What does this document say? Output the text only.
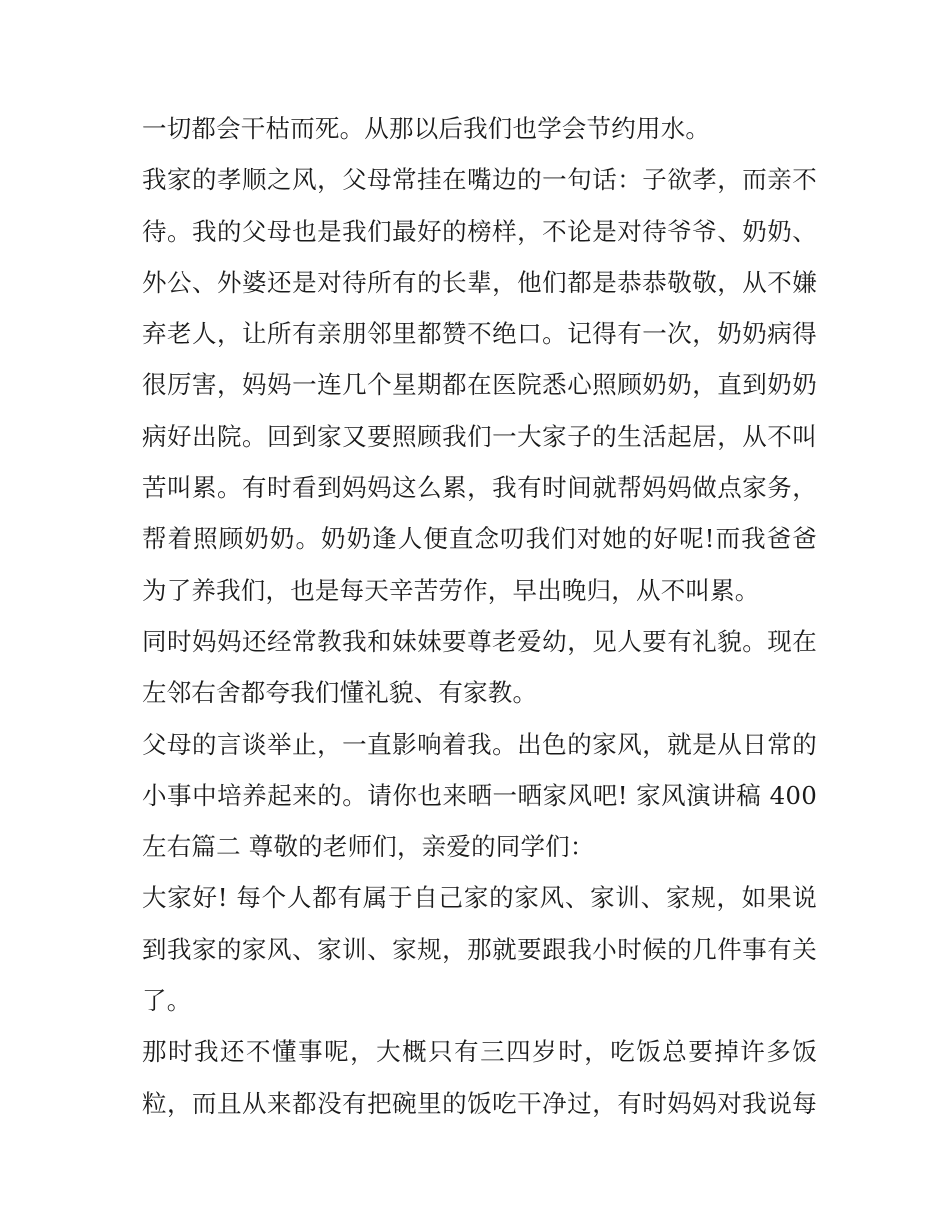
一切都会干枯而死。从那以后我们也学会节约用水。
我家的孝顺之风，父母常挂在嘴边的一句话：子欲孝，而亲不
待。我的父母也是我们最好的榜样，不论是对待爷爷、奶奶、
外公、外婆还是对待所有的长辈，他们都是恭恭敬敬，从不嫌
弃老人，让所有亲朋邻里都赞不绝口。记得有一次，奶奶病得
很厉害，妈妈一连几个星期都在医院悉心照顾奶奶，直到奶奶
病好出院。回到家又要照顾我们一大家子的生活起居，从不叫
苦叫累。有时看到妈妈这么累，我有时间就帮妈妈做点家务，
帮着照顾奶奶。奶奶逢人便直念叨我们对她的好呢!而我爸爸
为了养我们，也是每天辛苦劳作，早出晚归，从不叫累。
同时妈妈还经常教我和妹妹要尊老爱幼，见人要有礼貌。现在
左邻右舍都夸我们懂礼貌、有家教。
父母的言谈举止，一直影响着我。出色的家风，就是从日常的
小事中培养起来的。请你也来晒一晒家风吧! 家风演讲稿 400
左右篇二 尊敬的老师们，亲爱的同学们：
大家好! 每个人都有属于自己家的家风、家训、家规，如果说
到我家的家风、家训、家规，那就要跟我小时候的几件事有关
了。
那时我还不懂事呢，大概只有三四岁时，吃饭总要掉许多饭
粒，而且从来都没有把碗里的饭吃干净过，有时妈妈对我说每
